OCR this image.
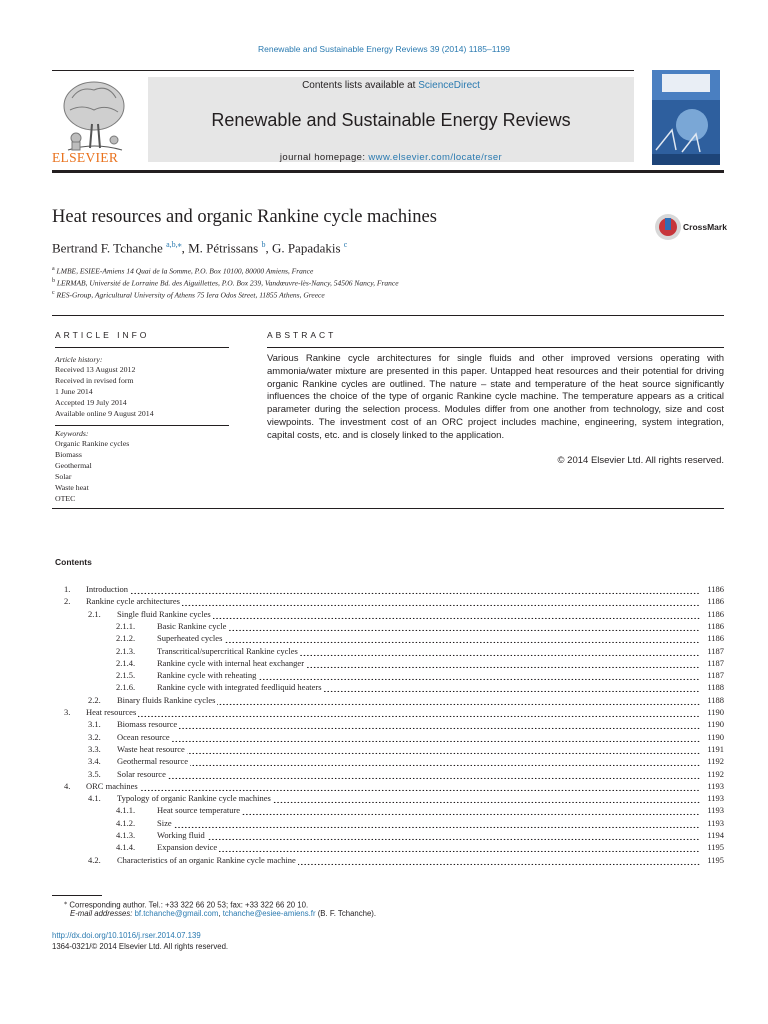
Renewable and Sustainable Energy Reviews 39 (2014) 1185–1199
ELSEVIER
Contents lists available at ScienceDirect
Renewable and Sustainable Energy Reviews
journal homepage: www.elsevier.com/locate/rser
Heat resources and organic Rankine cycle machines	CrossMark
Bertrand F. Tchanche $^{a,b,⁎}$, M. Pétrissans $^b$, G. Papadakis $^c$
$^a$ LMBE, ESIEE-Amiens 14 Quai de la Somme, P.O. Box 10100, 80000 Amiens, France
$^b$ LERMAB, Université de Lorraine Bd. des Aiguillettes, P.O. Box 239, Vandœuvre-lès-Nancy, 54506 Nancy, France
$^c$ RES-Group, Agricultural University of Athens 75 Iera Odos Street, 11855 Athens, Greece
ARTICLE INFO	ABSTRACT
Article history:
Received 13 August 2012
Received in revised form
1 June 2014
Accepted 19 July 2014
Available online 9 August 2014
Keywords:
Organic Rankine cycles
Biomass
Geothermal
Solar
Waste heat
OTEC
Various Rankine cycle architectures for single fluids and other improved versions operating with ammonia/water mixture are presented in this paper. Untapped heat resources and their potential for driving organic Rankine cycles are outlined. The nature – state and temperature of the heat source significantly influences the choice of the type of organic Rankine cycle machine. The temperature appears as a critical parameter during the selection process. Modules differ from one another from technology, size and cost viewpoints. The investment cost of an ORC project includes machine, engineering, system integration, capital costs, etc. and is closely linked to the application.
© 2014 Elsevier Ltd. All rights reserved.
Contents
1. Introduction	1186
2. Rankine cycle architectures	1186
2.1. Single fluid Rankine cycles	1186
2.1.1.	Basic Rankine cycle	1186
2.1.2.	Superheated cycles	1186
2.1.3.	Transcritical/supercritical Rankine cycles	1187
2.1.4.	Rankine cycle with internal heat exchanger	1187
2.1.5.	Rankine cycle with reheating	1187
2.1.6.	Rankine cycle with integrated feedliquid heaters	1188
2.2. Binary fluids Rankine cycles	1188
3. Heat resources	1190
3.1. Biomass resource	1190
3.2. Ocean resource	1190
3.3. Waste heat resource	1191
3.4. Geothermal resource	1192
3.5. Solar resource	1192
4. ORC machines	1193
4.1. Typology of organic Rankine cycle machines	1193
4.1.1.	Heat source temperature	1193
4.1.2.	Size	1193
4.1.3.	Working fluid	1194
4.1.4.	Expansion device	1195
4.2. Characteristics of an organic Rankine cycle machine	1195
⁎ Corresponding author. Tel.: +33 322 66 20 53; fax: +33 322 66 20 10.
E-mail addresses: bf.tchanche@gmail.com, tchanche@esiee-amiens.fr (B. F. Tchanche).
http://dx.doi.org/10.1016/j.rser.2014.07.139
1364-0321/© 2014 Elsevier Ltd. All rights reserved.
